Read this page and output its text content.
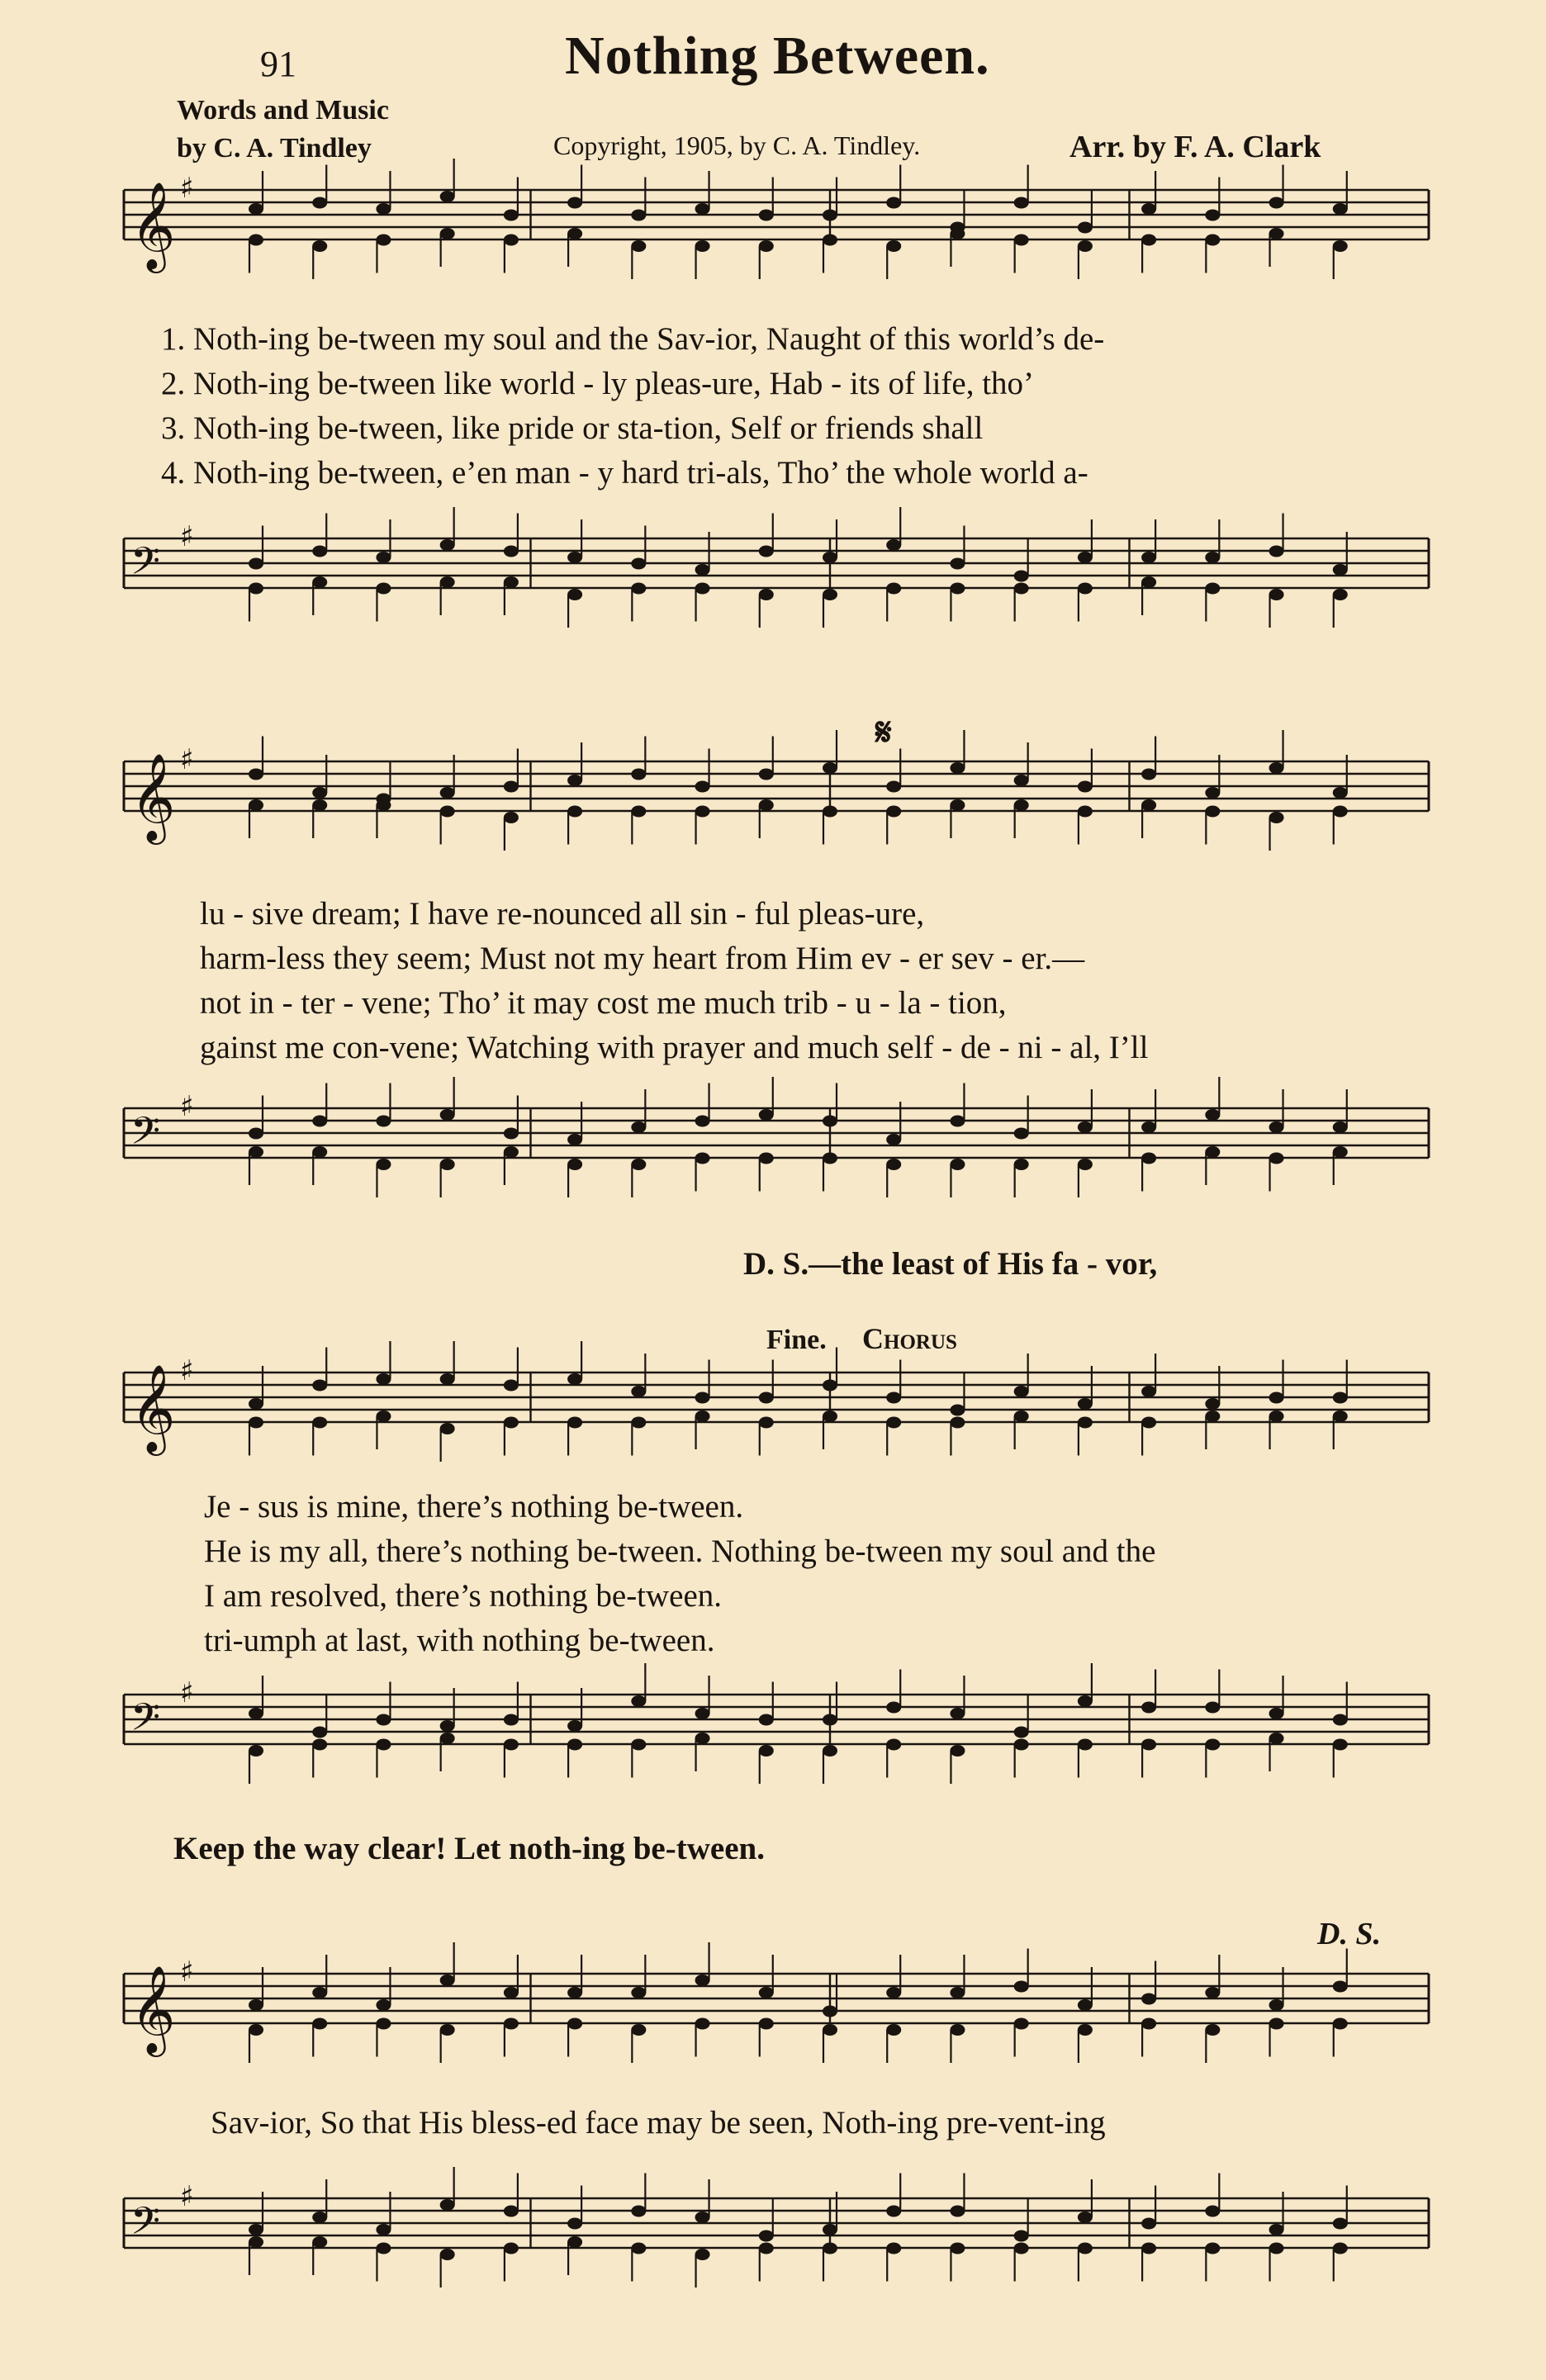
91	Nothing Between.
Words and Music
by C. A. Tindley	Copyright, 1905, by C. A. Tindley.	Arr. by F. A. Clark
𝄞 ♯
1. Noth-ing be-tween my soul and the Sav-ior, Naught of this world’s de-
2. Noth-ing be-tween like world - ly pleas-ure, Hab - its of life, tho’
3. Noth-ing be-tween, like pride or sta-tion, Self or friends shall
4. Noth-ing be-tween, e’en man - y hard tri-als, Tho’ the whole world a-
𝄢
♯
𝄋
𝄞 ♯
lu - sive dream; I have re-nounced all sin - ful pleas-ure,
harm-less they seem; Must not my heart from Him ev - er sev - er.—
not in - ter - vene; Tho’ it may cost me much trib - u - la - tion,
gainst me con-vene; Watching with prayer and much self - de - ni - al, I’ll
𝄢
♯
D. S.—the least of His fa - vor,
Fine. Chorus
𝄞 ♯
Je - sus is mine, there’s nothing be-tween.
He is my all, there’s nothing be-tween. Nothing be-tween my soul and the
I am resolved, there’s nothing be-tween.
tri-umph at last, with nothing be-tween.
𝄢
♯
Keep the way clear! Let noth-ing be-tween.
D. S.
𝄞 ♯
Sav-ior, So that His bless-ed face may be seen, Noth-ing pre-vent-ing
𝄢
♯
